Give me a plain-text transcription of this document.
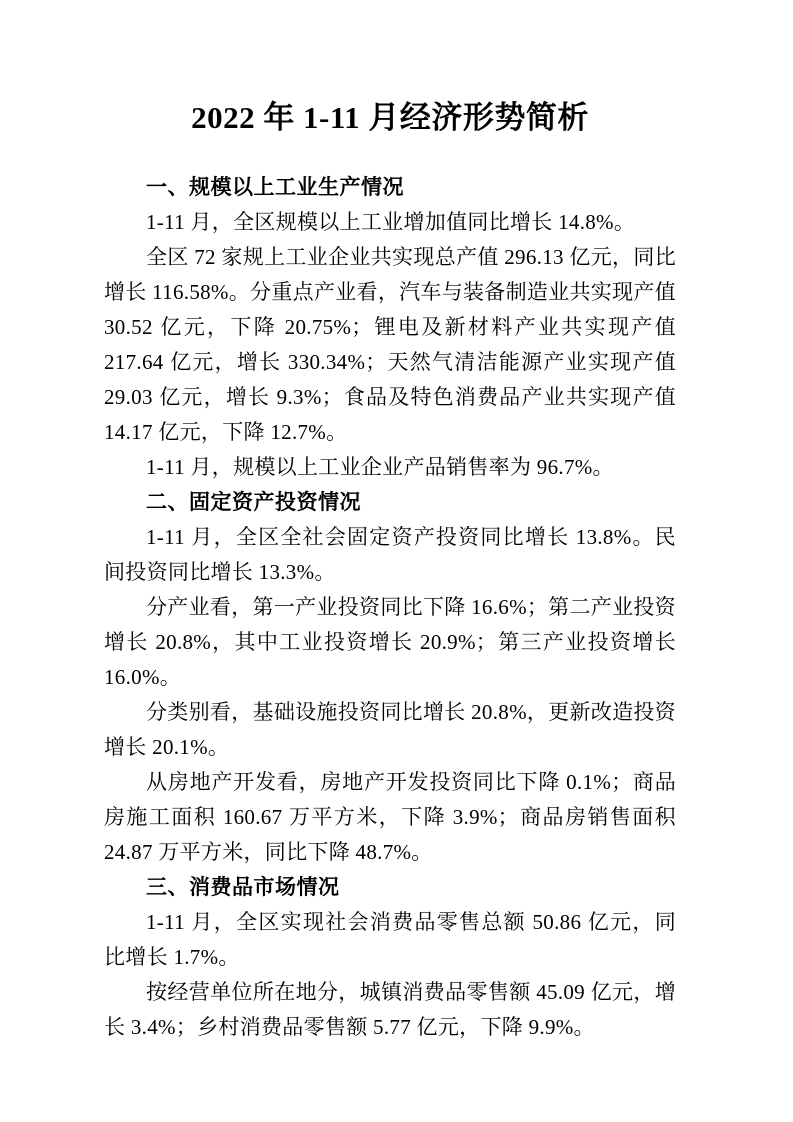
2022 年 1-11 月经济形势简析
一、规模以上工业生产情况

1-11 月，全区规模以上工业增加值同比增长 14.8%。

全区 72 家规上工业企业共实现总产值 296.13 亿元，同比增长 116.58%。分重点产业看，汽车与装备制造业共实现产值 30.52 亿元，下降 20.75%；锂电及新材料产业共实现产值 217.64 亿元，增长 330.34%；天然气清洁能源产业实现产值 29.03 亿元，增长 9.3%；食品及特色消费品产业共实现产值 14.17 亿元，下降 12.7%。

1-11 月，规模以上工业企业产品销售率为 96.7%。

二、固定资产投资情况

1-11 月，全区全社会固定资产投资同比增长 13.8%。民间投资同比增长 13.3%。

分产业看，第一产业投资同比下降 16.6%；第二产业投资增长 20.8%，其中工业投资增长 20.9%；第三产业投资增长 16.0%。

分类别看，基础设施投资同比增长 20.8%，更新改造投资增长 20.1%。

从房地产开发看，房地产开发投资同比下降 0.1%；商品房施工面积 160.67 万平方米，下降 3.9%；商品房销售面积 24.87 万平方米，同比下降 48.7%。

三、消费品市场情况

1-11 月，全区实现社会消费品零售总额 50.86 亿元，同比增长 1.7%。

按经营单位所在地分，城镇消费品零售额 45.09 亿元，增长 3.4%；乡村消费品零售额 5.77 亿元，下降 9.9%。
